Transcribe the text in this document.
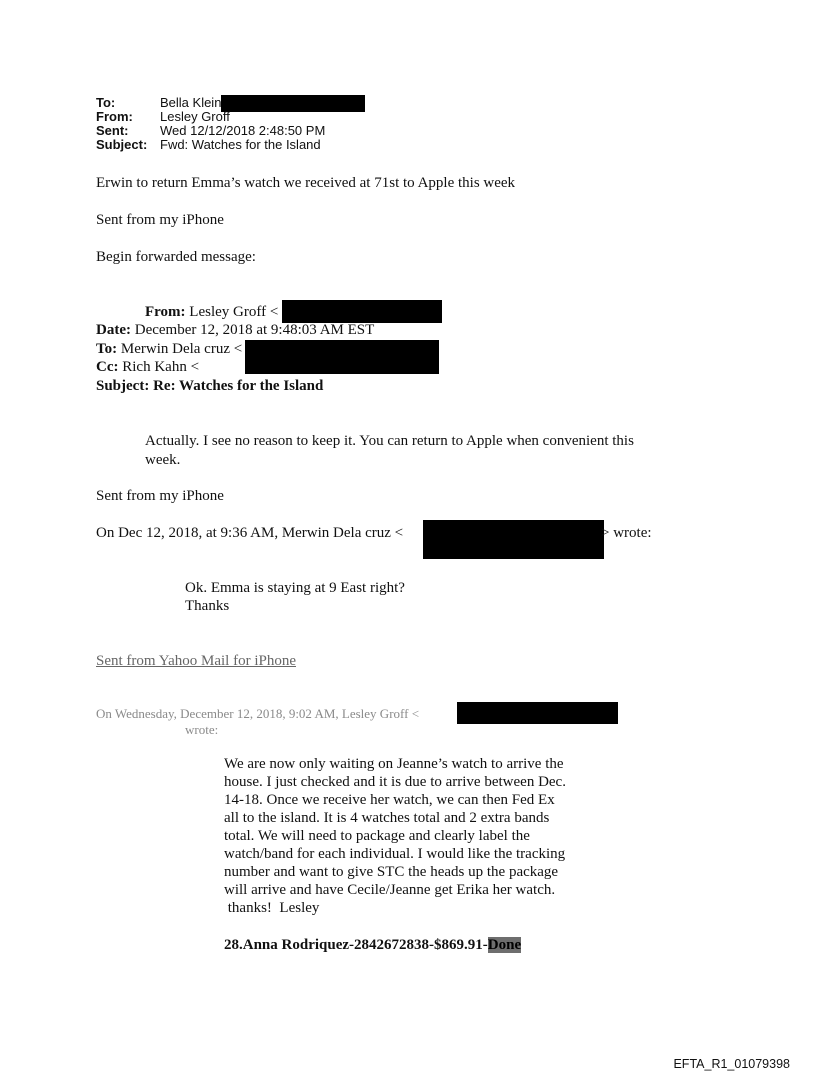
To:	Bella Klein
From:	Lesley Groff
Sent:	Wed 12/12/2018 2:48:50 PM
Subject: Fwd: Watches for the Island
Erwin to return Emma’s watch we received at 71st to Apple this week
Sent from my iPhone
Begin forwarded message:
From: Lesley Groff <
Date: December 12, 2018 at 9:48:03 AM EST
To: Merwin Dela cruz <
Cc: Rich Kahn <
Subject: Re: Watches for the Island
Actually. I see no reason to keep it. You can return to Apple when convenient this
week.
Sent from my iPhone
On Dec 12, 2018, at 9:36 AM, Merwin Dela cruz <	> wrote:
Ok. Emma is staying at 9 East right?
Thanks
Sent from Yahoo Mail for iPhone
On Wednesday, December 12, 2018, 9:02 AM, Lesley Groff <
wrote:
We are now only waiting on Jeanne’s watch to arrive the
house. I just checked and it is due to arrive between Dec.
14-18. Once we receive her watch, we can then Fed Ex
all to the island. It is 4 watches total and 2 extra bands
total. We will need to package and clearly label the
watch/band for each individual. I would like the tracking
number and want to give STC the heads up the package
will arrive and have Cecile/Jeanne get Erika her watch.
thanks!  Lesley
28.Anna Rodriquez-2842672838-$869.91-Done
EFTA_R1_01079398
